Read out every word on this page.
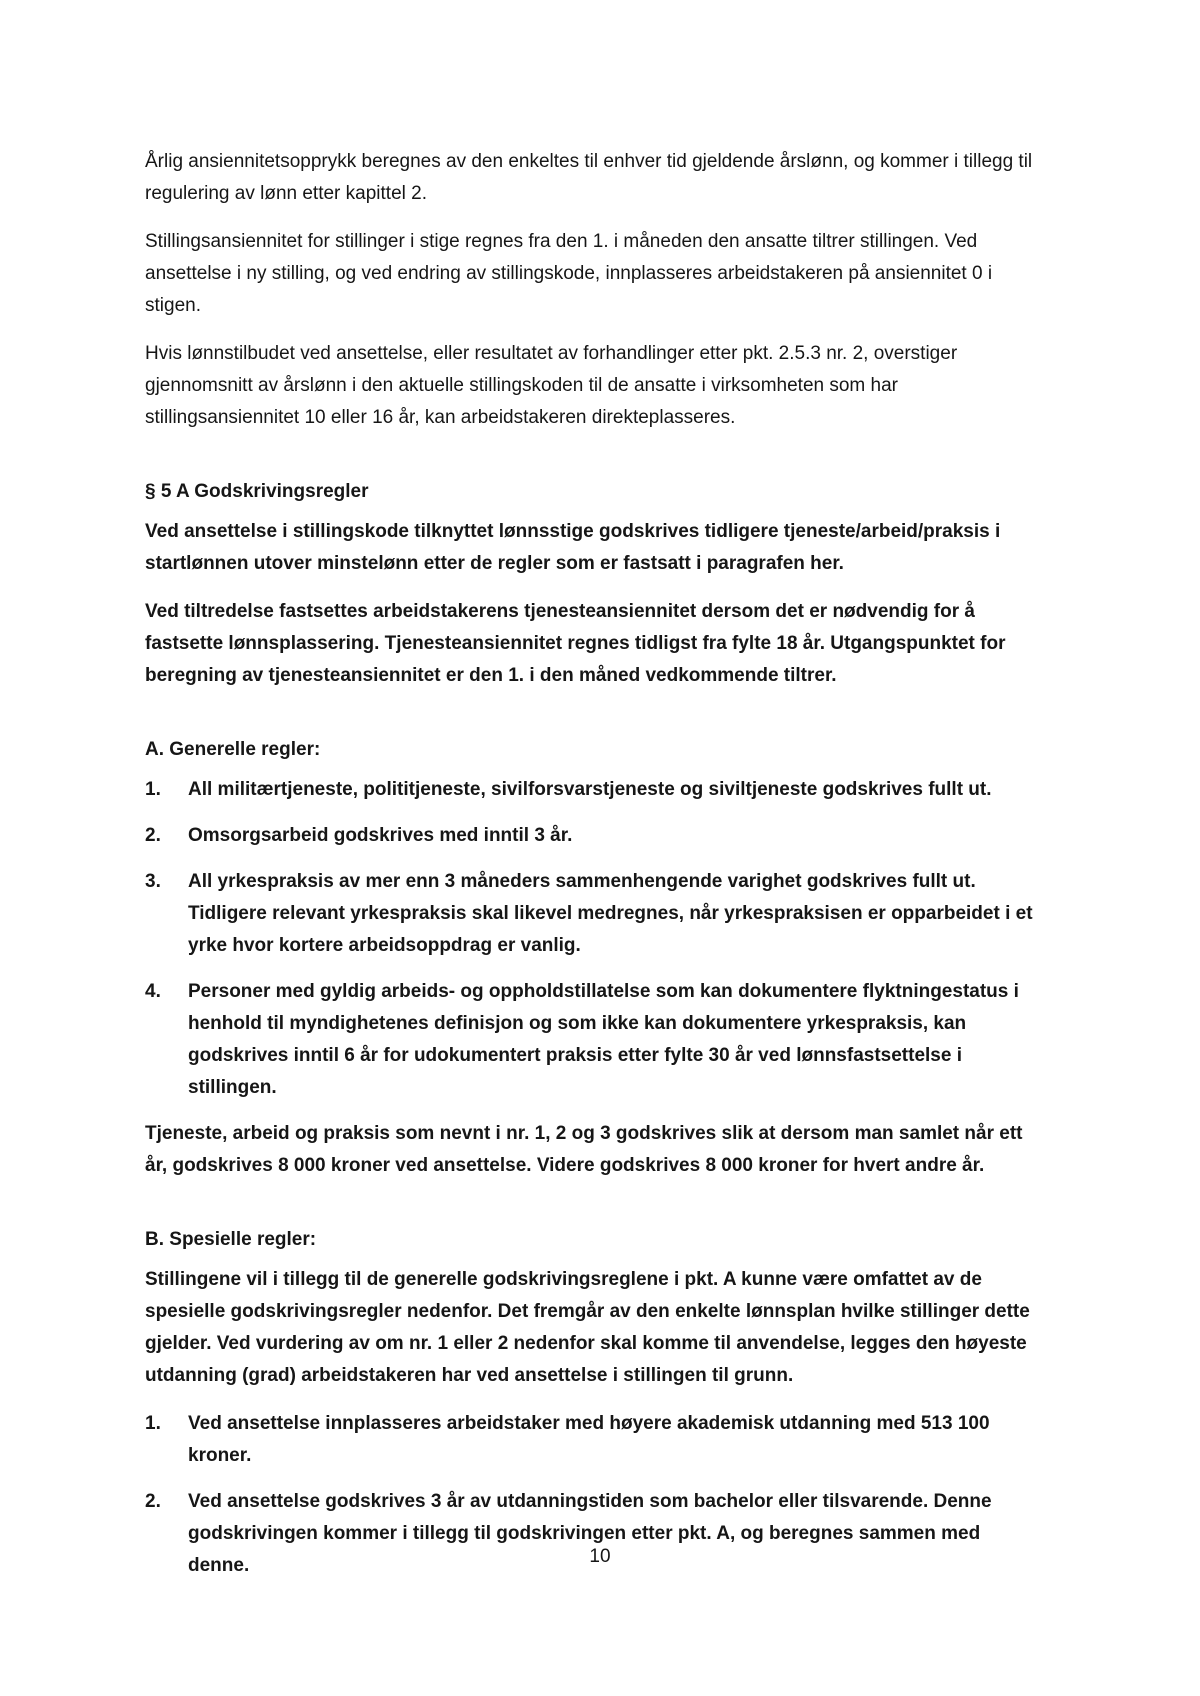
Årlig ansiennitetsopprykk beregnes av den enkeltes til enhver tid gjeldende årslønn, og kommer i tillegg til regulering av lønn etter kapittel 2.

Stillingsansiennitet for stillinger i stige regnes fra den 1. i måneden den ansatte tiltrer stillingen. Ved ansettelse i ny stilling, og ved endring av stillingskode, innplasseres arbeidstakeren på ansiennitet 0 i stigen.

Hvis lønnstilbudet ved ansettelse, eller resultatet av forhandlinger etter pkt. 2.5.3 nr. 2, overstiger gjennomsnitt av årslønn i den aktuelle stillingskoden til de ansatte i virksomheten som har stillingsansiennitet 10 eller 16 år, kan arbeidstakeren direkteplasseres.

§ 5 A Godskrivingsregler

Ved ansettelse i stillingskode tilknyttet lønnsstige godskrives tidligere tjeneste/arbeid/praksis i startlønnen utover minstelønn etter de regler som er fastsatt i paragrafen her.

Ved tiltredelse fastsettes arbeidstakerens tjenesteansiennitet dersom det er nødvendig for å fastsette lønnsplassering. Tjenesteansiennitet regnes tidligst fra fylte 18 år. Utgangspunktet for beregning av tjenesteansiennitet er den 1. i den måned vedkommende tiltrer.

A. Generelle regler:

1.	All militærtjeneste, polititjeneste, sivilforsvarstjeneste og siviltjeneste godskrives fullt ut.
2.	Omsorgsarbeid godskrives med inntil 3 år.
3.	All yrkespraksis av mer enn 3 måneders sammenhengende varighet godskrives fullt ut. Tidligere relevant yrkespraksis skal likevel medregnes, når yrkespraksisen er opparbeidet i et yrke hvor kortere arbeidsoppdrag er vanlig.
4.	Personer med gyldig arbeids- og oppholdstillatelse som kan dokumentere flyktningestatus i henhold til myndighetenes definisjon og som ikke kan dokumentere yrkespraksis, kan godskrives inntil 6 år for udokumentert praksis etter fylte 30 år ved lønnsfastsettelse i stillingen.

Tjeneste, arbeid og praksis som nevnt i nr. 1, 2 og 3 godskrives slik at dersom man samlet når ett år, godskrives 8 000 kroner ved ansettelse. Videre godskrives 8 000 kroner for hvert andre år.

B. Spesielle regler:

Stillingene vil i tillegg til de generelle godskrivingsreglene i pkt. A kunne være omfattet av de spesielle godskrivingsregler nedenfor. Det fremgår av den enkelte lønnsplan hvilke stillinger dette gjelder. Ved vurdering av om nr. 1 eller 2 nedenfor skal komme til anvendelse, legges den høyeste utdanning (grad) arbeidstakeren har ved ansettelse i stillingen til grunn.

1.	Ved ansettelse innplasseres arbeidstaker med høyere akademisk utdanning med 513 100 kroner.
2.	Ved ansettelse godskrives 3 år av utdanningstiden som bachelor eller tilsvarende. Denne godskrivingen kommer i tillegg til godskrivingen etter pkt. A, og beregnes sammen med denne.	10
